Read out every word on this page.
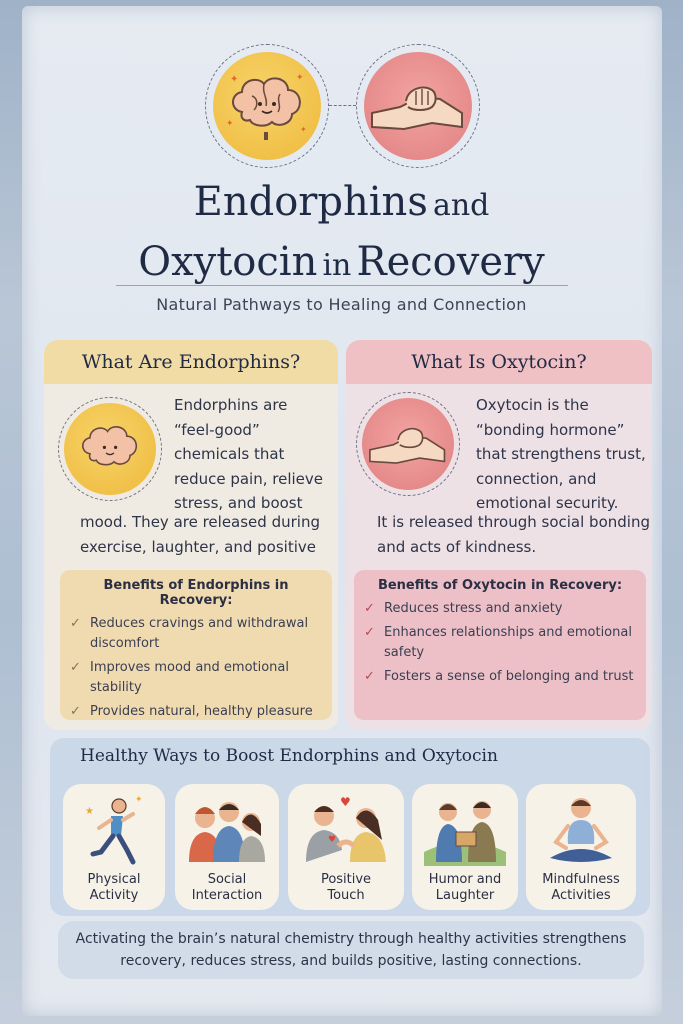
✦	✦
✦
✦
Endorphins and
Oxytocin in Recovery
Natural Pathways to Healing and Connection
What Are Endorphins?
Endorphins are “feel-good” chemicals that reduce pain, relieve stress, and boost
mood. They are released during exercise, laughter, and positive
Benefits of Endorphins in Recovery:
✓ Reduces cravings and withdrawal discomfort
✓ Improves mood and emotional stability
✓ Provides natural, healthy pleasure
What Is Oxytocin?
Oxytocin is the “bonding hormone” that strengthens trust, connection, and emotional security.
It is released through social bonding and acts of kindness.
Benefits of Oxytocin in Recovery:
✓ Reduces stress and anxiety
✓ Enhances relationships and emotional safety
✓ Fosters a sense of belonging and trust
Healthy Ways to Boost Endorphins and Oxytocin
★
✦
Physical
Activity
Social
Interaction
♥
♥
Positive
Touch
Humor and
Laughter
Mindfulness
Activities
Activating the brain’s natural chemistry through healthy activities strengthens recovery, reduces stress, and builds positive, lasting connections.
